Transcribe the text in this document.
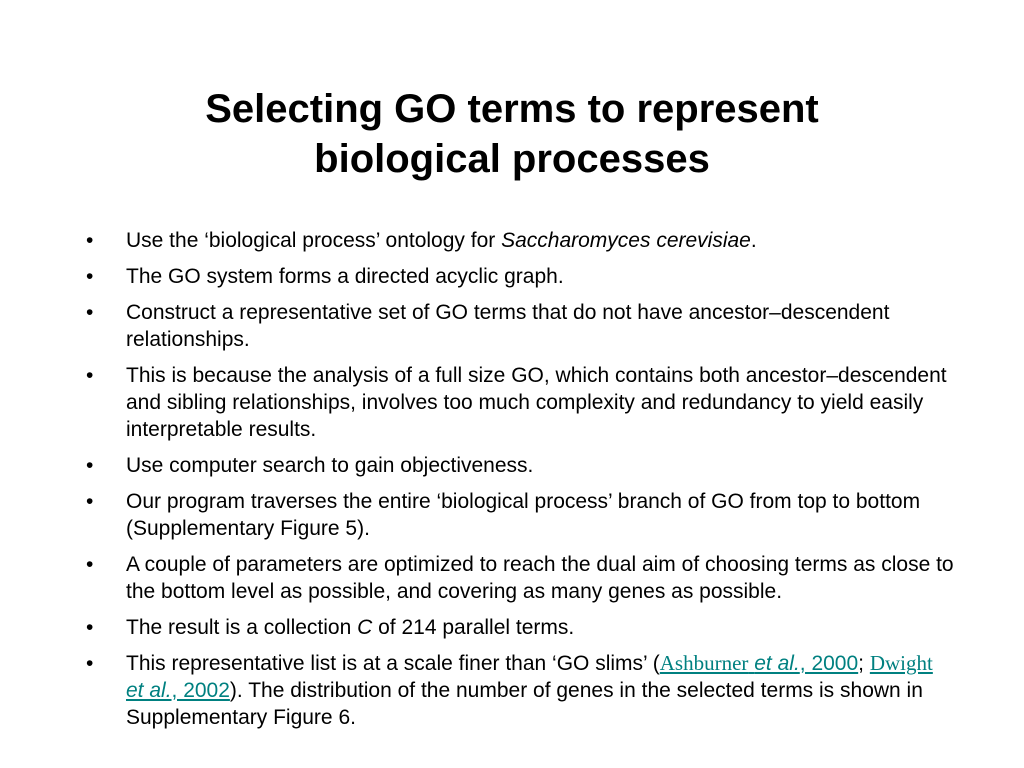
Selecting GO terms to represent
biological processes
•	Use the ‘biological process’ ontology for Saccharomyces cerevisiae.
•	The GO system forms a directed acyclic graph.
•	Construct a representative set of GO terms that do not have ancestor–descendent relationships.
•	This is because the analysis of a full size GO, which contains both ancestor–descendent and sibling relationships, involves too much complexity and redundancy to yield easily interpretable results.
•	Use computer search to gain objectiveness.
•	Our program traverses the entire ‘biological process’ branch of GO from top to bottom (Supplementary Figure 5).
•	A couple of parameters are optimized to reach the dual aim of choosing terms as close to the bottom level as possible, and covering as many genes as possible.
•	The result is a collection C of 214 parallel terms.
•	This representative list is at a scale finer than ‘GO slims’ (Ashburner et al., 2000; Dwight et al., 2002). The distribution of the number of genes in the selected terms is shown in Supplementary Figure 6.
